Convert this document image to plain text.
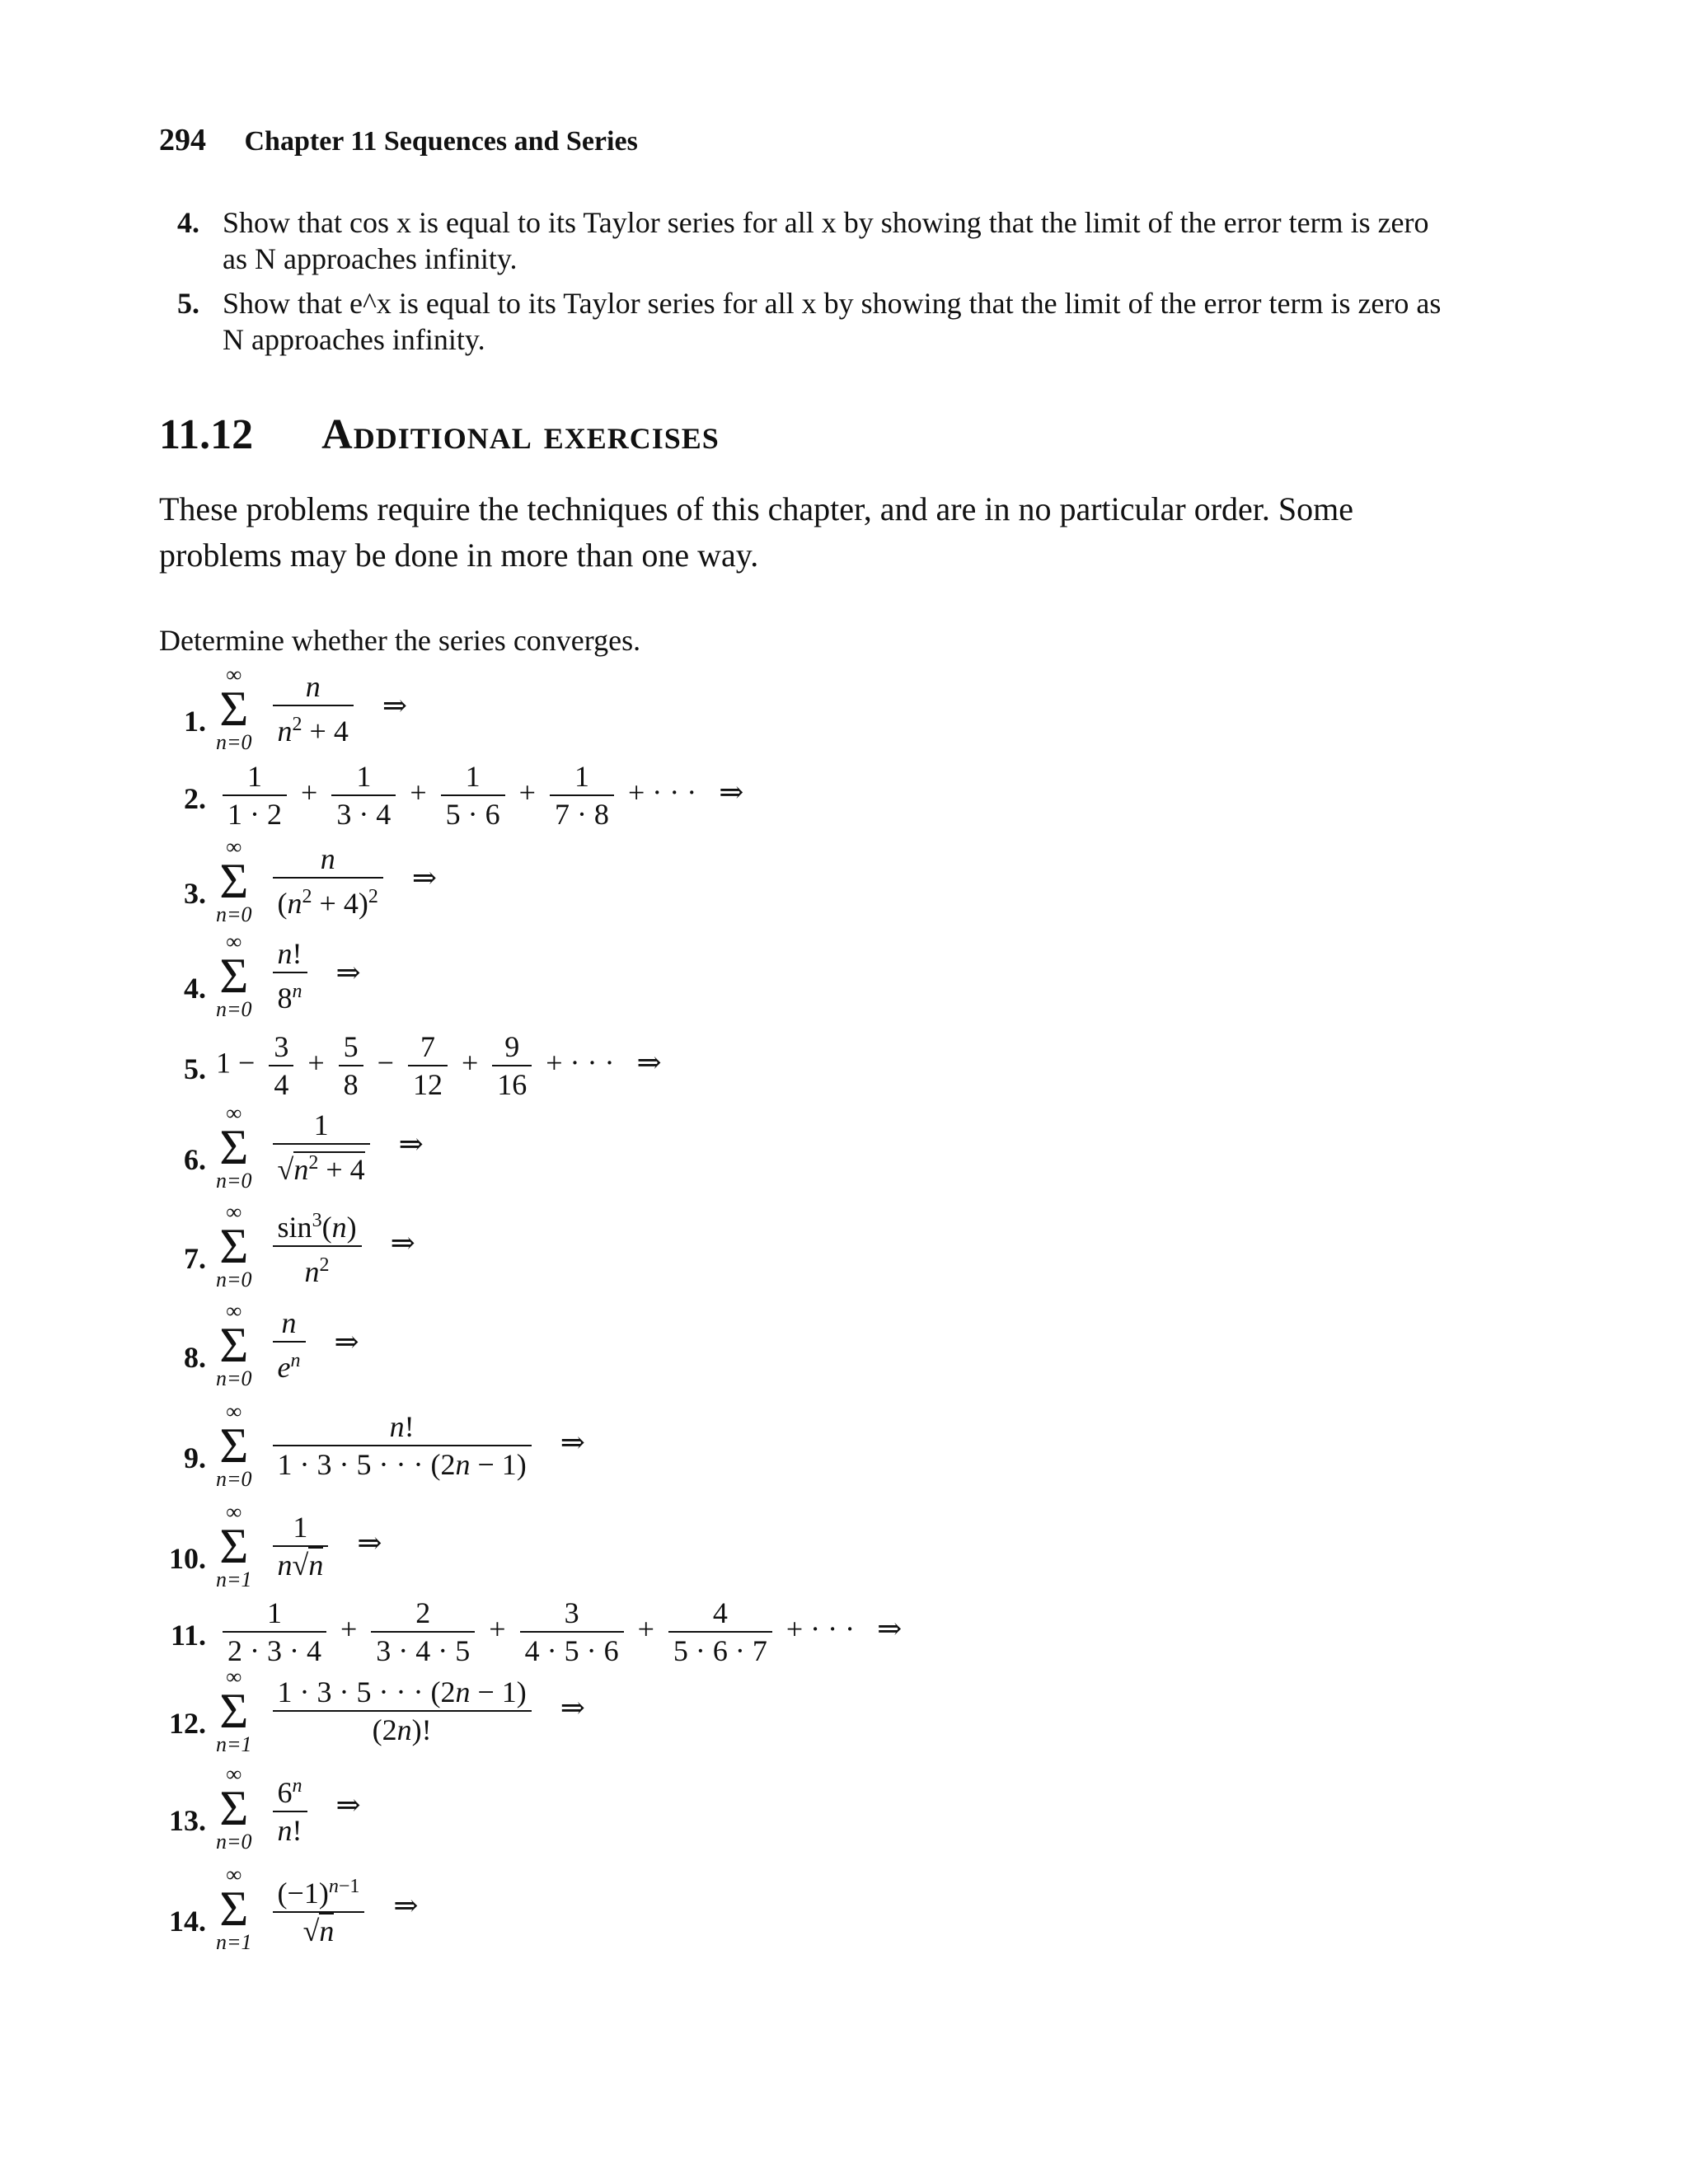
294 Chapter 11 Sequences and Series
4. Show that cos x is equal to its Taylor series for all x by showing that the limit of the error term is zero as N approaches infinity.
5. Show that e^x is equal to its Taylor series for all x by showing that the limit of the error term is zero as N approaches infinity.
11.12 Additional exercises
These problems require the techniques of this chapter, and are in no particular order. Some problems may be done in more than one way.
Determine whether the series converges.
1.
∞
Σ
n=0
$\frac{n}{n^2 + 4}$ ⇒
2. $\frac{1}{1 \cdot 2} + \frac{1}{3 \cdot 4} + \frac{1}{5 \cdot 6} + \frac{1}{7 \cdot 8}$ + · · · ⇒
3.
∞
Σ
n=0
$\frac{n}{(n^2 + 4)^2}$ ⇒
4.
∞
Σ
n=0
$\frac{n!}{8^n}$ ⇒
5. $1 - \frac{3}{4} + \frac{5}{8} - \frac{7}{12} + \frac{9}{16}$ + · · · ⇒
6.
∞
Σ
n=0
$\frac{1}{√n^2 + 4}$ ⇒
7.
∞
Σ
n=0
$\frac{\sin^3(n)}{n^2}$ ⇒
8.
∞
Σ
n=0
$\frac{n}{e^n}$ ⇒
9.
∞
Σ
n=0
$\frac{n!}{1 \cdot 3 \cdot 5 \cdot \cdot \cdot (2n - 1)}$ ⇒
10.
∞
Σ
n=1
$\frac{1}{n√n}$ ⇒
11. $\frac{1}{2 \cdot 3 \cdot 4} + \frac{2}{3 \cdot 4 \cdot 5} + \frac{3}{4 \cdot 5 \cdot 6} + \frac{4}{5 \cdot 6 \cdot 7}$ + · · · ⇒
12.
∞
Σ
n=1
$\frac{1 \cdot 3 \cdot 5 \cdot \cdot \cdot (2n - 1)}{(2n)!}$ ⇒
13.
∞
Σ
n=0
$\frac{6^n}{n!}$ ⇒
14.
∞
Σ
n=1
$\frac{(-1)^{n-1}}{√n}$ ⇒
